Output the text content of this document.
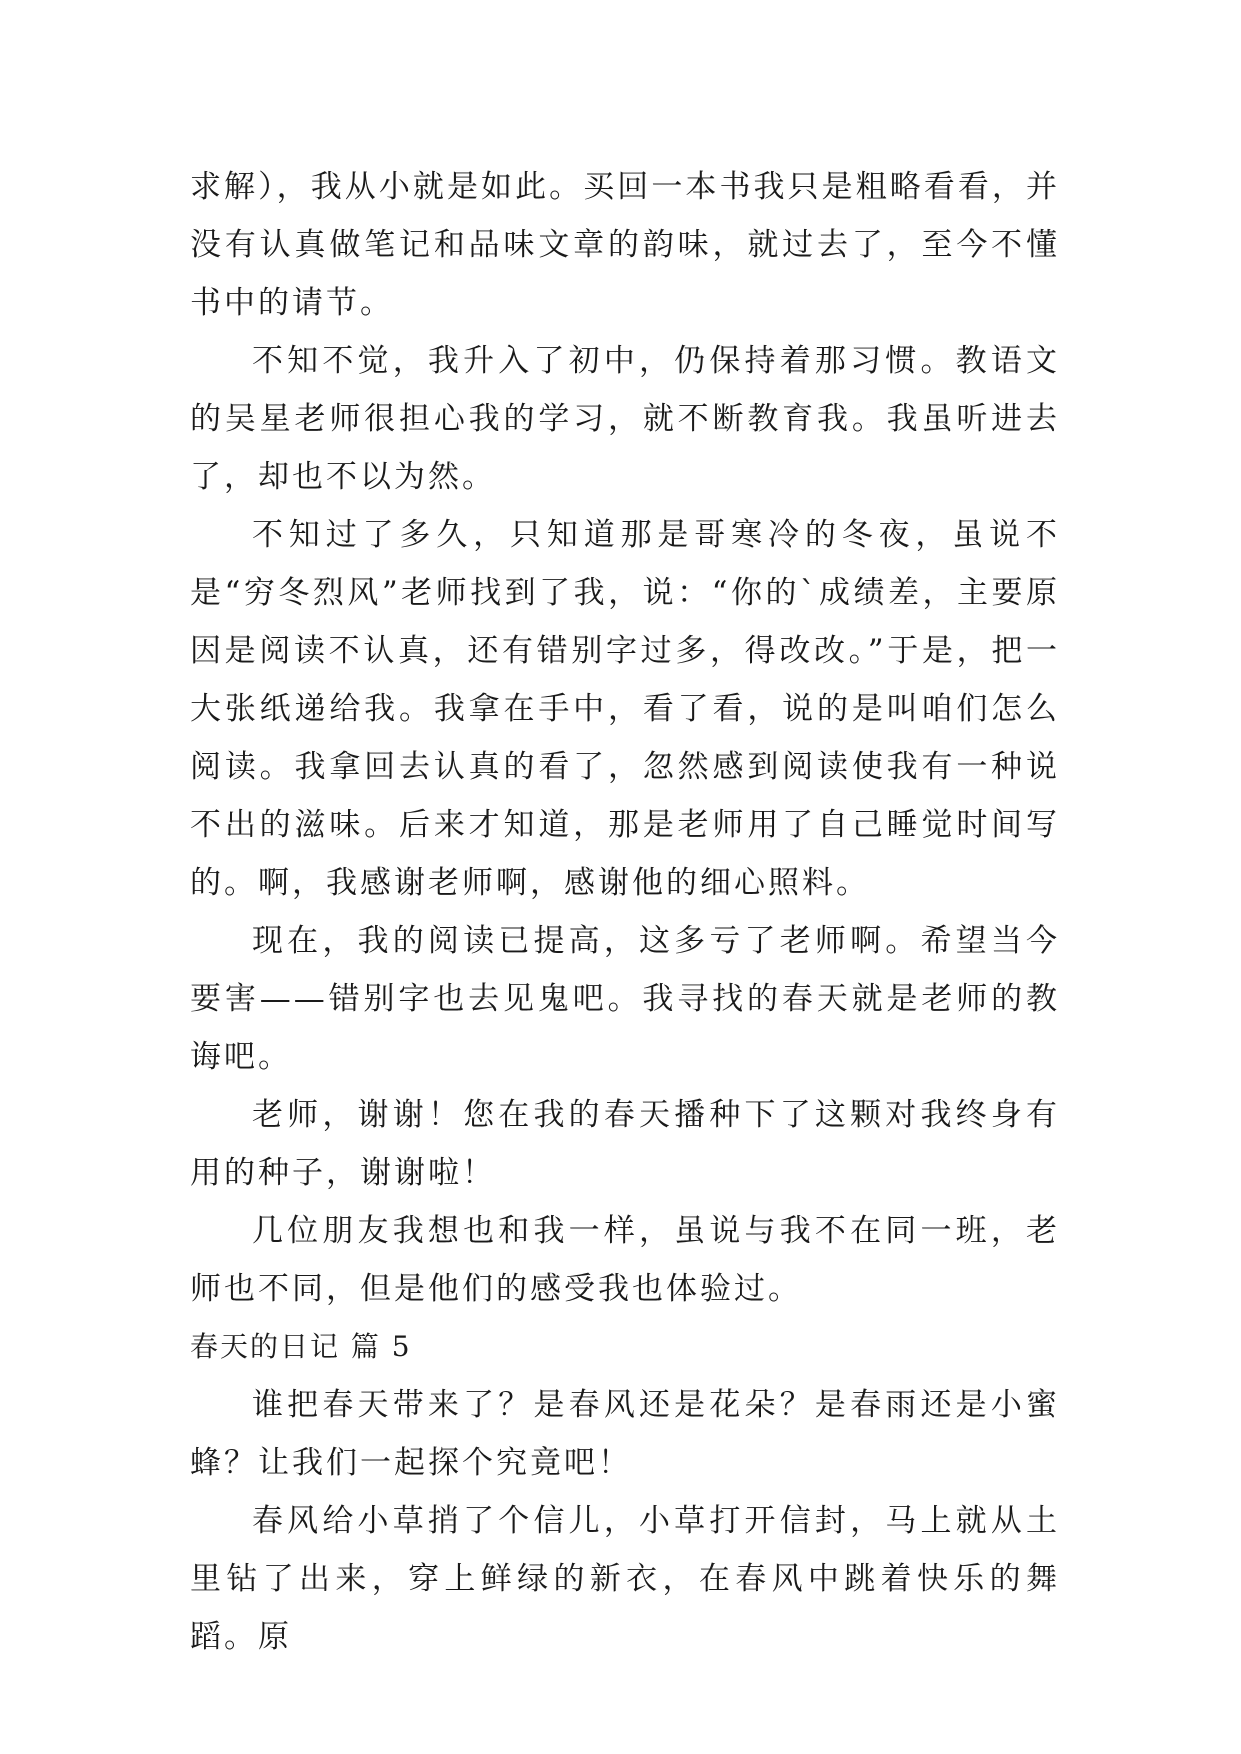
求解），我从小就是如此。买回一本书我只是粗略看看，并没有认真做笔记和品味文章的韵味，就过去了，至今不懂书中的请节。

不知不觉，我升入了初中，仍保持着那习惯。教语文的吴星老师很担心我的学习，就不断教育我。我虽听进去了，却也不以为然。

不知过了多久，只知道那是哥寒冷的冬夜，虽说不是“穷冬烈风”老师找到了我，说：“你的`成绩差，主要原因是阅读不认真，还有错别字过多，得改改。”于是，把一大张纸递给我。我拿在手中，看了看，说的是叫咱们怎么阅读。我拿回去认真的看了，忽然感到阅读使我有一种说不出的滋味。后来才知道，那是老师用了自己睡觉时间写的。啊，我感谢老师啊，感谢他的细心照料。

现在，我的阅读已提高，这多亏了老师啊。希望当今要害——错别字也去见鬼吧。我寻找的春天就是老师的教诲吧。

老师，谢谢！您在我的春天播种下了这颗对我终身有用的种子，谢谢啦！

几位朋友我想也和我一样，虽说与我不在同一班，老师也不同，但是他们的感受我也体验过。

春天的日记 篇 5

谁把春天带来了？是春风还是花朵？是春雨还是小蜜蜂？让我们一起探个究竟吧！

春风给小草捎了个信儿，小草打开信封，马上就从土里钻了出来，穿上鲜绿的新衣，在春风中跳着快乐的舞蹈。原
